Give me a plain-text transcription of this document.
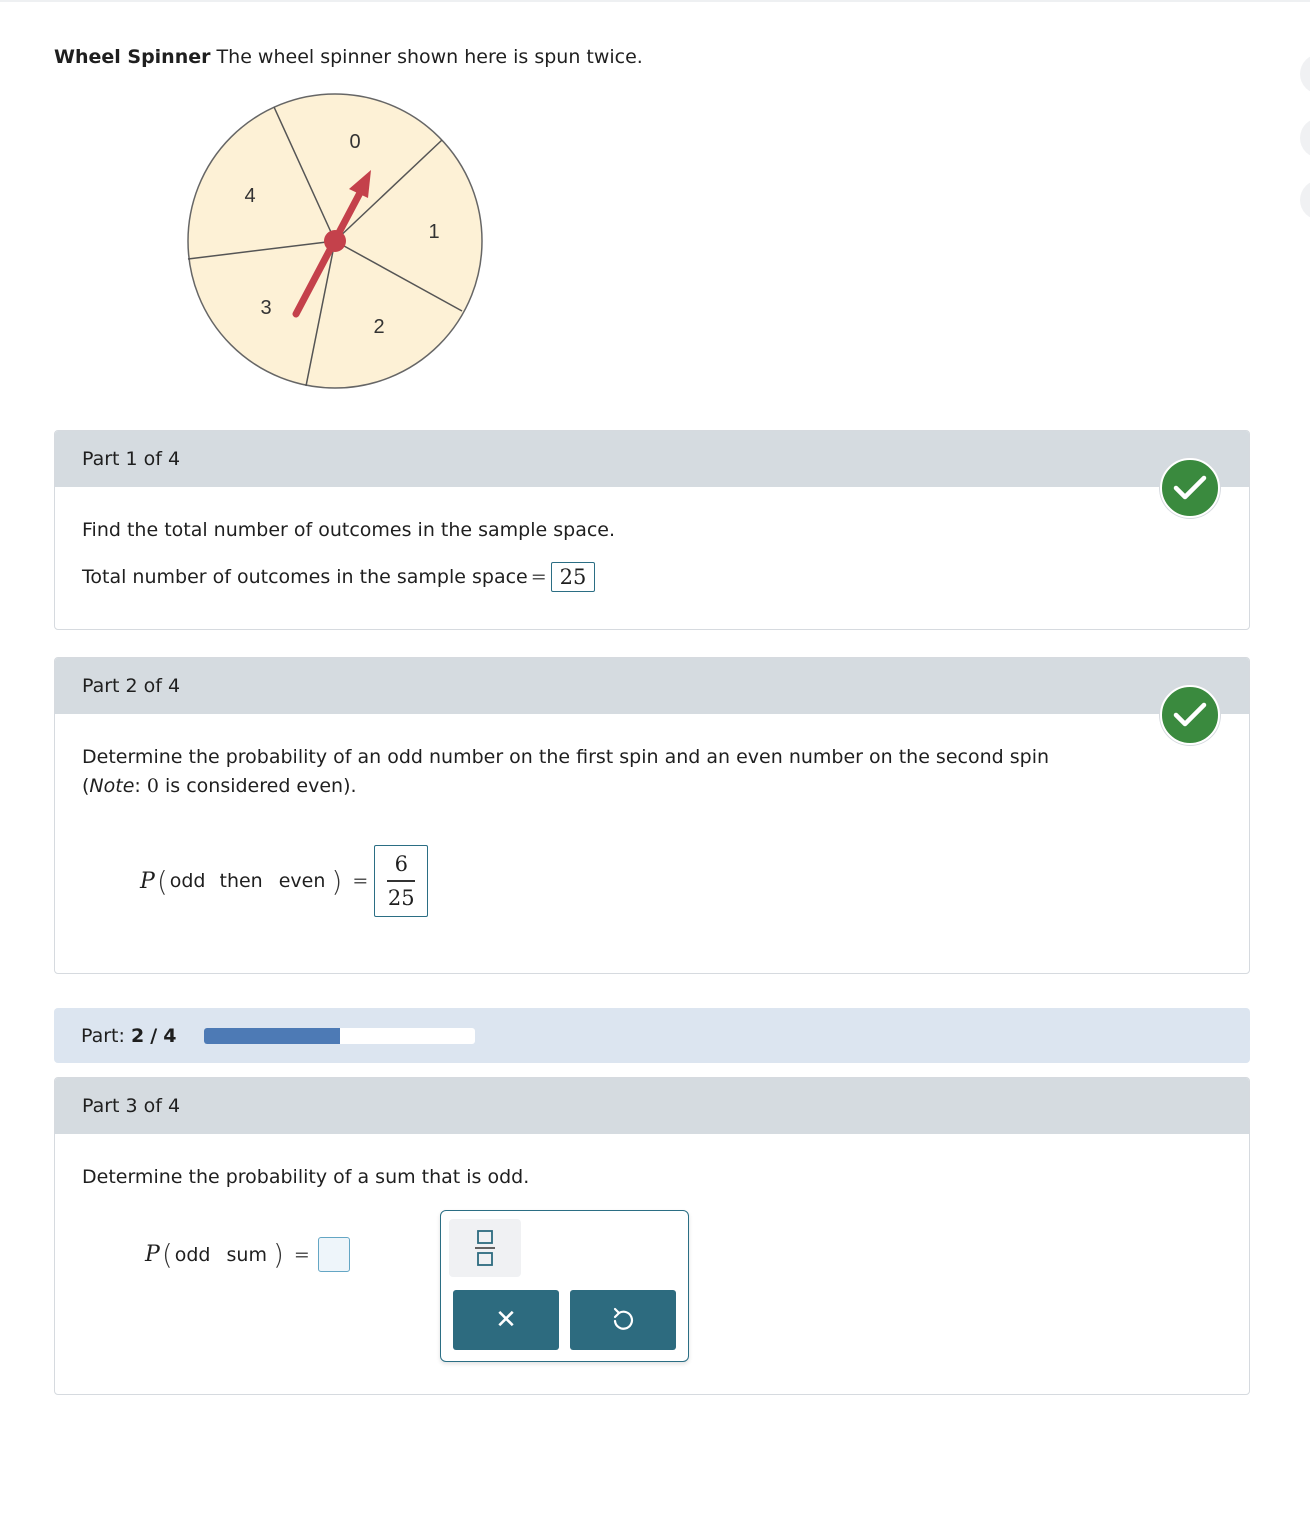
Wheel Spinner The wheel spinner shown here is spun twice.
0
1
2
3
4
Part 1 of 4
Find the total number of outcomes in the sample space.
Total number of outcomes in the sample space = 25
Part 2 of 4
Determine the probability of an odd number on the first spin and an even number on the second spin
(Note: 0 is considered even).
P ( odd then even ) = $\frac{6}{25}$
Part: 2 / 4
Part 3 of 4
Determine the probability of a sum that is odd.
P ( odd sum ) =
✕
